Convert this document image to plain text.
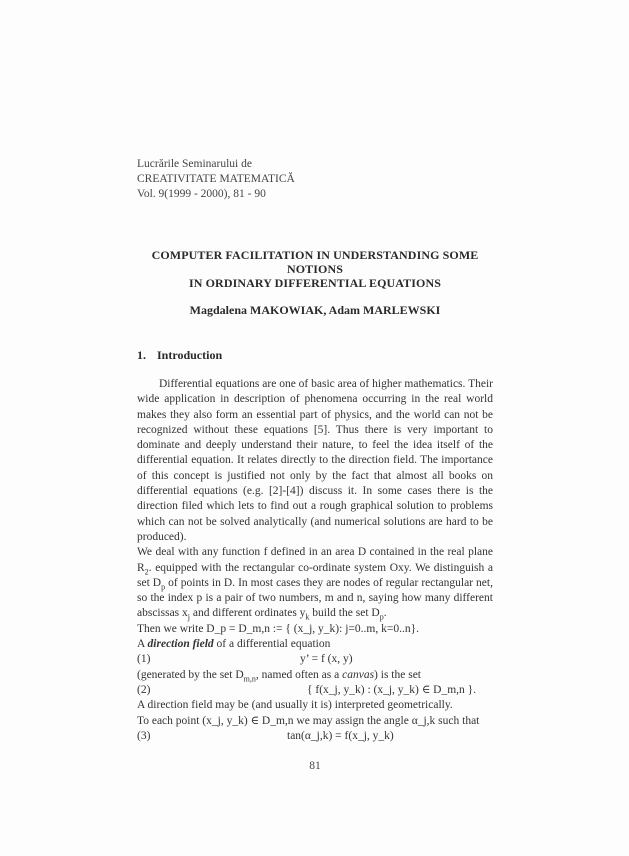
Lucrările Seminarului de
CREATIVITATE MATEMATICĂ
Vol. 9(1999 - 2000), 81 - 90
COMPUTER FACILITATION IN UNDERSTANDING SOME
NOTIONS
IN ORDINARY DIFFERENTIAL EQUATIONS
Magdalena MAKOWIAK, Adam MARLEWSKI
1. Introduction

Differential equations are one of basic area of higher mathematics. Their wide application in description of phenomena occurring in the real world makes they also form an essential part of physics, and the world can not be recognized without these equations [5]. Thus there is very important to dominate and deeply understand their nature, to feel the idea itself of the differential equation. It relates directly to the direction field. The importance of this concept is justified not only by the fact that almost all books on differential equations (e.g. [2]-[4]) discuss it. In some cases there is the direction filed which lets to find out a rough graphical solution to problems which can not be solved analytically (and numerical solutions are hard to be produced).

We deal with any function f defined in an area D contained in the real plane $R_2$. equipped with the rectangular co-ordinate system Oxy. We distinguish a set $D_p$ of points in D. In most cases they are nodes of regular rectangular net, so the index p is a pair of two numbers, m and n, saying how many different abscissas $x_j$ and different ordinates $y_k$ build the set $D_p$.

Then we write D_p = D_m,n := { (x_j, y_k): j=0..m, k=0..n}.

A direction field of a differential equation

(1)	y’ = f (x, y)

(generated by the set $D_{m,n}$, named often as a canvas) is the set

(2)	{ f(x_j, y_k) : (x_j, y_k) ∈ D_m,n }.

A direction field may be (and usually it is) interpreted geometrically.

To each point (x_j, y_k) ∈ D_m,n we may assign the angle α_j,k such that

(3)	tan(α_j,k) = f(x_j, y_k)
81
